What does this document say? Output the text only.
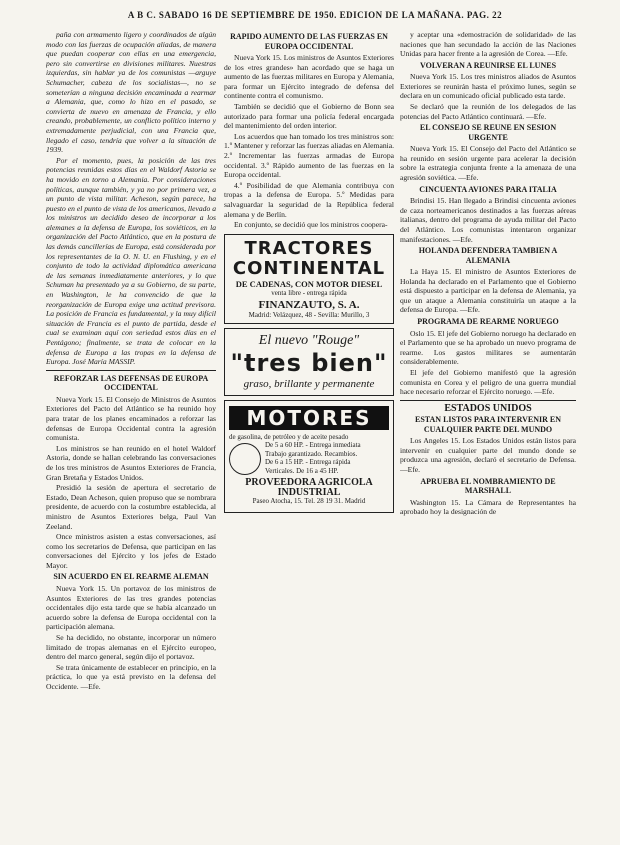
A B C. SABADO 16 DE SEPTIEMBRE DE 1950. EDICION DE LA MAÑANA. PAG. 22

paña con armamento ligero y coordinados de algún modo con las fuerzas de ocupación aliadas, de manera que puedan cooperar con ellas en una emergencia, pero sin convertirse en divisiones militares. Nuestras izquierdas, sin hablar ya de los comunistas —arguye Schumacher, cabeza de los socialistas—, no se someterían a ninguna decisión encaminada a rearmar a Alemania, que, como lo hizo en el pasado, se convierta de nuevo en amenaza de Francia, y ello creando, probablemente, un conflicto político interno y extremadamente perjudicial, con una Francia que, llegado el caso, tendría que volver a la situación de 1939.

Por el momento, pues, la posición de las tres potencias reunidas estos días en el Waldorf Astoria se ha movido en torno a Alemania. Por consideraciones políticas, aunque también, y ya no por primera vez, a un punto de vista militar. Acheson, según parece, ha puesto en el punto de vista de los americanos, llevado a los ministros un decidido deseo de incorporar a los alemanes a la defensa de Europa, los soviéticos, en la organización del Pacto Atlántico, que en la postura de las demás cancillerías de Europa, está considerada por los representantes de la O. N. U. en Flushing, y en el conjunto de todo la actividad diplomática americana de las semanas inmediatamente anteriores, y lo que Schuman ha presentado ya a su Gobierno, de su parte, en Washington, le ha convencido de que la reorganización de Europa exige una actitud previsora. La posición de Francia es fundamental, y la muy difícil situación de Francia es el punto de partida, desde el cual se examinan aquí con seriedad estos días en el Pentágono; finalmente, se trata de colocar en la defensa de Europa a las tropas en la defensa de Europa. José María MASSIP.

REFORZAR LAS DEFENSAS DE EUROPA OCCIDENTAL

Nueva York 15. El Consejo de Ministros de Asuntos Exteriores del Pacto del Atlántico se ha reunido hoy para tratar de los planes encaminados a reforzar las defensas de Europa Occidental contra la agresión comunista.

Los ministros se han reunido en el hotel Waldorf Astoria, donde se hallan celebrando las conversaciones de los tres ministros de Asuntos Exteriores de Francia, Gran Bretaña y Estados Unidos.

Presidió la sesión de apertura el secretario de Estado, Dean Acheson, quien propuso que se nombrara presidente, de acuerdo con la costumbre establecida, al ministro de Asuntos Exteriores belga, Paul Van Zeeland.

Once ministros asisten a estas conversaciones, así como los secretarios de Defensa, que participan en las conversaciones del Ejército y los jefes de Estado Mayor.

SIN ACUERDO EN EL REARME ALEMAN

Nueva York 15. Un portavoz de los ministros de Asuntos Exteriores de las tres grandes potencias occidentales dijo esta tarde que se había alcanzado un acuerdo sobre la defensa de Europa occidental con la participación alemana.

Se ha decidido, no obstante, incorporar un número limitado de tropas alemanas en el Ejército europeo, dentro del marco general, según dijo el portavoz.

Se trata únicamente de establecer en principio, en la práctica, lo que ya está previsto en la defensa del Occidente. —Efe.

RAPIDO AUMENTO DE LAS FUERZAS EN EUROPA OCCIDENTAL

Nueva York 15. Los ministros de Asuntos Exteriores de los «tres grandes» han acordado que se haga un aumento de las fuerzas militares en Europa y Alemania, para formar un Ejército integrado de defensa del continente contra el comunismo.

También se decidió que el Gobierno de Bonn sea autorizado para formar una policía federal encargada del mantenimiento del orden interior.

Los acuerdos que han tomado los tres ministros son: 1.º Mantener y reforzar las fuerzas aliadas en Alemania. 2.º Incrementar las fuerzas armadas de Europa occidental. 3.º Rápido aumento de las fuerzas en la Europa occidental.

4.º Posibilidad de que Alemania contribuya con tropas a la defensa de Europa. 5.º Medidas para salvaguardar la seguridad de la República federal alemana y de Berlín.

En conjunto, se decidió que los ministros coopera-

TRACTORES
CONTINENTAL
DE CADENAS, CON MOTOR DIESEL
venta libre - entrega rápida
FINANZAUTO, S. A.
Madrid: Velázquez, 48 - Sevilla: Murillo, 3
El nuevo "Rouge"
"tres bien"
graso, brillante y permanente
MOTORES
de gasolina, de petróleo y de aceite pesado
De 5 a 60 HP. - Entrega inmediata
Trabajo garantizado. Recambios.
De 6 a 15 HP. - Entrega rápida
Verticales. De 16 a 45 HP.
PROVEEDORA AGRICOLA INDUSTRIAL
Paseo Atocha, 15. Tel. 28 19 31. Madrid

y aceptar una «demostración de solidaridad» de las naciones que han secundado la acción de las Naciones Unidas para hacer frente a la agresión de Corea. —Efe.

VOLVERAN A REUNIRSE EL LUNES

Nueva York 15. Los tres ministros aliados de Asuntos Exteriores se reunirán hasta el próximo lunes, según se declara en un comunicado oficial publicado esta tarde.

Se declaró que la reunión de los delegados de las potencias del Pacto Atlántico continuará. —Efe.

EL CONSEJO SE REUNE EN SESION URGENTE

Nueva York 15. El Consejo del Pacto del Atlántico se ha reunido en sesión urgente para acelerar la decisión sobre la estrategia conjunta frente a la amenaza de una agresión soviética. —Efe.

CINCUENTA AVIONES PARA ITALIA

Brindisi 15. Han llegado a Brindisi cincuenta aviones de caza norteamericanos destinados a las fuerzas aéreas italianas, dentro del programa de ayuda militar del Pacto del Atlántico. Los comunistas intentaron organizar manifestaciones. —Efe.

HOLANDA DEFENDERA TAMBIEN A ALEMANIA

La Haya 15. El ministro de Asuntos Exteriores de Holanda ha declarado en el Parlamento que el Gobierno está dispuesto a participar en la defensa de Alemania, ya que un ataque a Alemania constituiría un ataque a la defensa de Europa. —Efe.

PROGRAMA DE REARME NORUEGO

Oslo 15. El jefe del Gobierno noruego ha declarado en el Parlamento que se ha aprobado un nuevo programa de rearme. Los gastos militares se aumentarán considerablemente.

El jefe del Gobierno manifestó que la agresión comunista en Corea y el peligro de una guerra mundial hace necesario reforzar el Ejército noruego. —Efe.

ESTADOS UNIDOS
ESTAN LISTOS PARA INTERVENIR EN CUALQUIER PARTE DEL MUNDO

Los Angeles 15. Los Estados Unidos están listos para intervenir en cualquier parte del mundo donde se produzca una agresión, declaró el secretario de Defensa. —Efe.

APRUEBA EL NOMBRAMIENTO DE MARSHALL

Washington 15. La Cámara de Representantes ha aprobado hoy la designación de
